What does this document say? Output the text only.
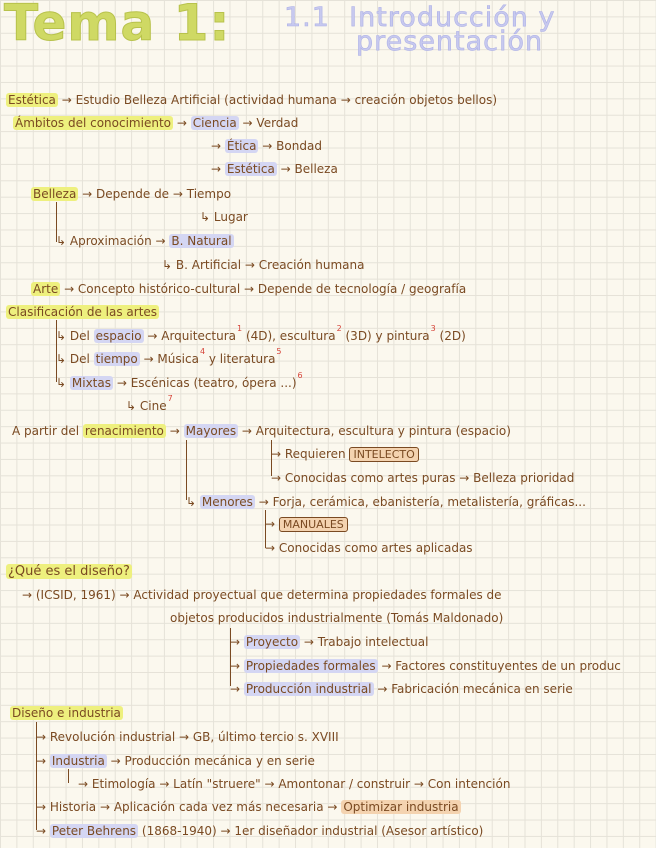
Tema 1: 1.1 Introducción y
presentación
Estética → Estudio Belleza Artificial (actividad humana → creación objetos bellos)
Ámbitos del conocimiento → Ciencia → Verdad
→ Ética → Bondad
→ Estética → Belleza
Belleza → Depende de → Tiempo
↳ Lugar
↳ Aproximación → B. Natural
↳ B. Artificial → Creación humana
Arte → Concepto histórico-cultural → Depende de tecnología / geografía
Clasificación de las artes
↳ Del espacio → Arquitectura$^1$ (4D), escultura$^2$ (3D) y pintura$^3$ (2D)
↳ Del tiempo → Música$^4$ y literatura$^5$
↳ Mixtas → Escénicas (teatro, ópera ...)$^6$
↳ Cine$^7$
A partir del renacimiento → Mayores → Arquitectura, escultura y pintura (espacio)
→ Requieren INTELECTO
→ Conocidas como artes puras → Belleza prioridad
↳ Menores → Forja, cerámica, ebanistería, metalistería, gráficas...
→ MANUALES
→ Conocidas como artes aplicadas
¿Qué es el diseño?
→ (ICSID, 1961) → Actividad proyectual que determina propiedades formales de
objetos producidos industrialmente (Tomás Maldonado)
→ Proyecto → Trabajo intelectual
→ Propiedades formales → Factores constituyentes de un produc
→ Producción industrial → Fabricación mecánica en serie
Diseño e industria
→ Revolución industrial → GB, último tercio s. XVIII
→ Industria → Producción mecánica y en serie
→ Etimología → Latín "struere" → Amontonar / construir → Con intención
→ Historia → Aplicación cada vez más necesaria → Optimizar industria
→ Peter Behrens (1868-1940) → 1er diseñador industrial (Asesor artístico)
